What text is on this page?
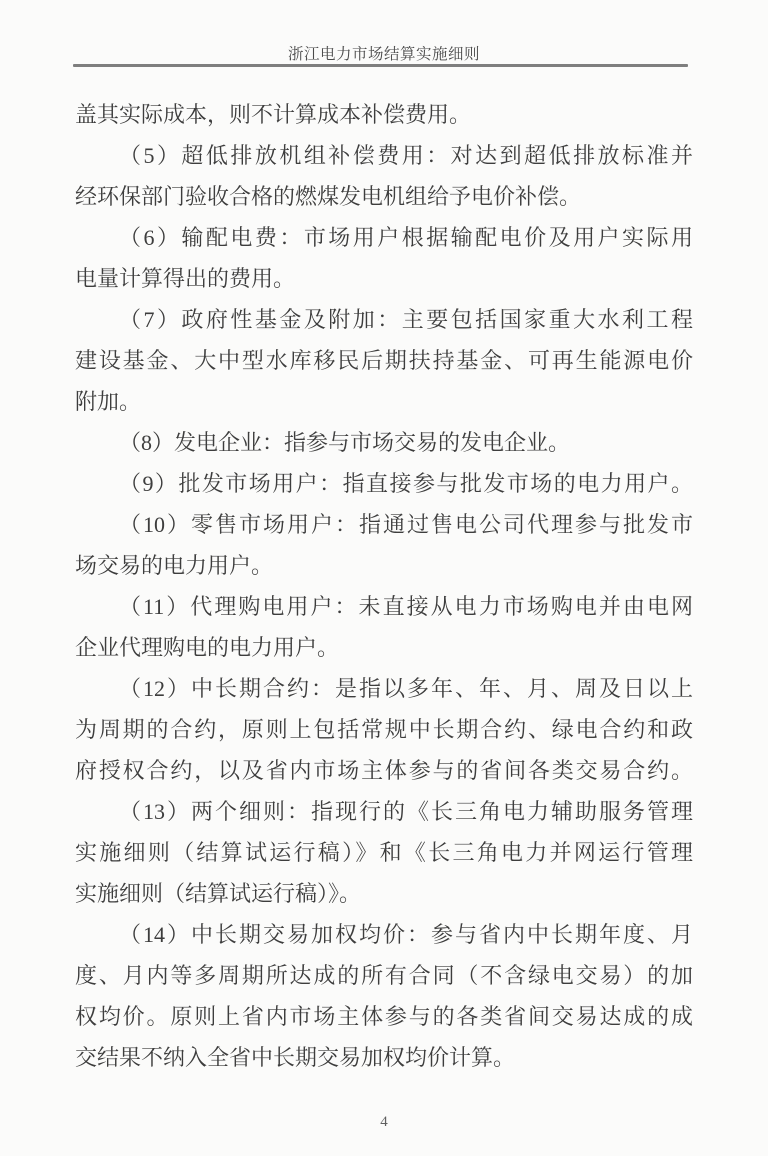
浙江电力市场结算实施细则
盖其实际成本，则不计算成本补偿费用。
（5）超低排放机组补偿费用：对达到超低排放标准并
经环保部门验收合格的燃煤发电机组给予电价补偿。
（6）输配电费：市场用户根据输配电价及用户实际用
电量计算得出的费用。
（7）政府性基金及附加：主要包括国家重大水利工程
建设基金、大中型水库移民后期扶持基金、可再生能源电价
附加。
（8）发电企业：指参与市场交易的发电企业。
（9）批发市场用户：指直接参与批发市场的电力用户。
（10）零售市场用户：指通过售电公司代理参与批发市
场交易的电力用户。
（11）代理购电用户：未直接从电力市场购电并由电网
企业代理购电的电力用户。
（12）中长期合约：是指以多年、年、月、周及日以上
为周期的合约，原则上包括常规中长期合约、绿电合约和政
府授权合约，以及省内市场主体参与的省间各类交易合约。
（13）两个细则：指现行的《长三角电力辅助服务管理
实施细则（结算试运行稿）》和《长三角电力并网运行管理
实施细则（结算试运行稿）》。
（14）中长期交易加权均价：参与省内中长期年度、月
度、月内等多周期所达成的所有合同（不含绿电交易）的加
权均价。原则上省内市场主体参与的各类省间交易达成的成
交结果不纳入全省中长期交易加权均价计算。
4
